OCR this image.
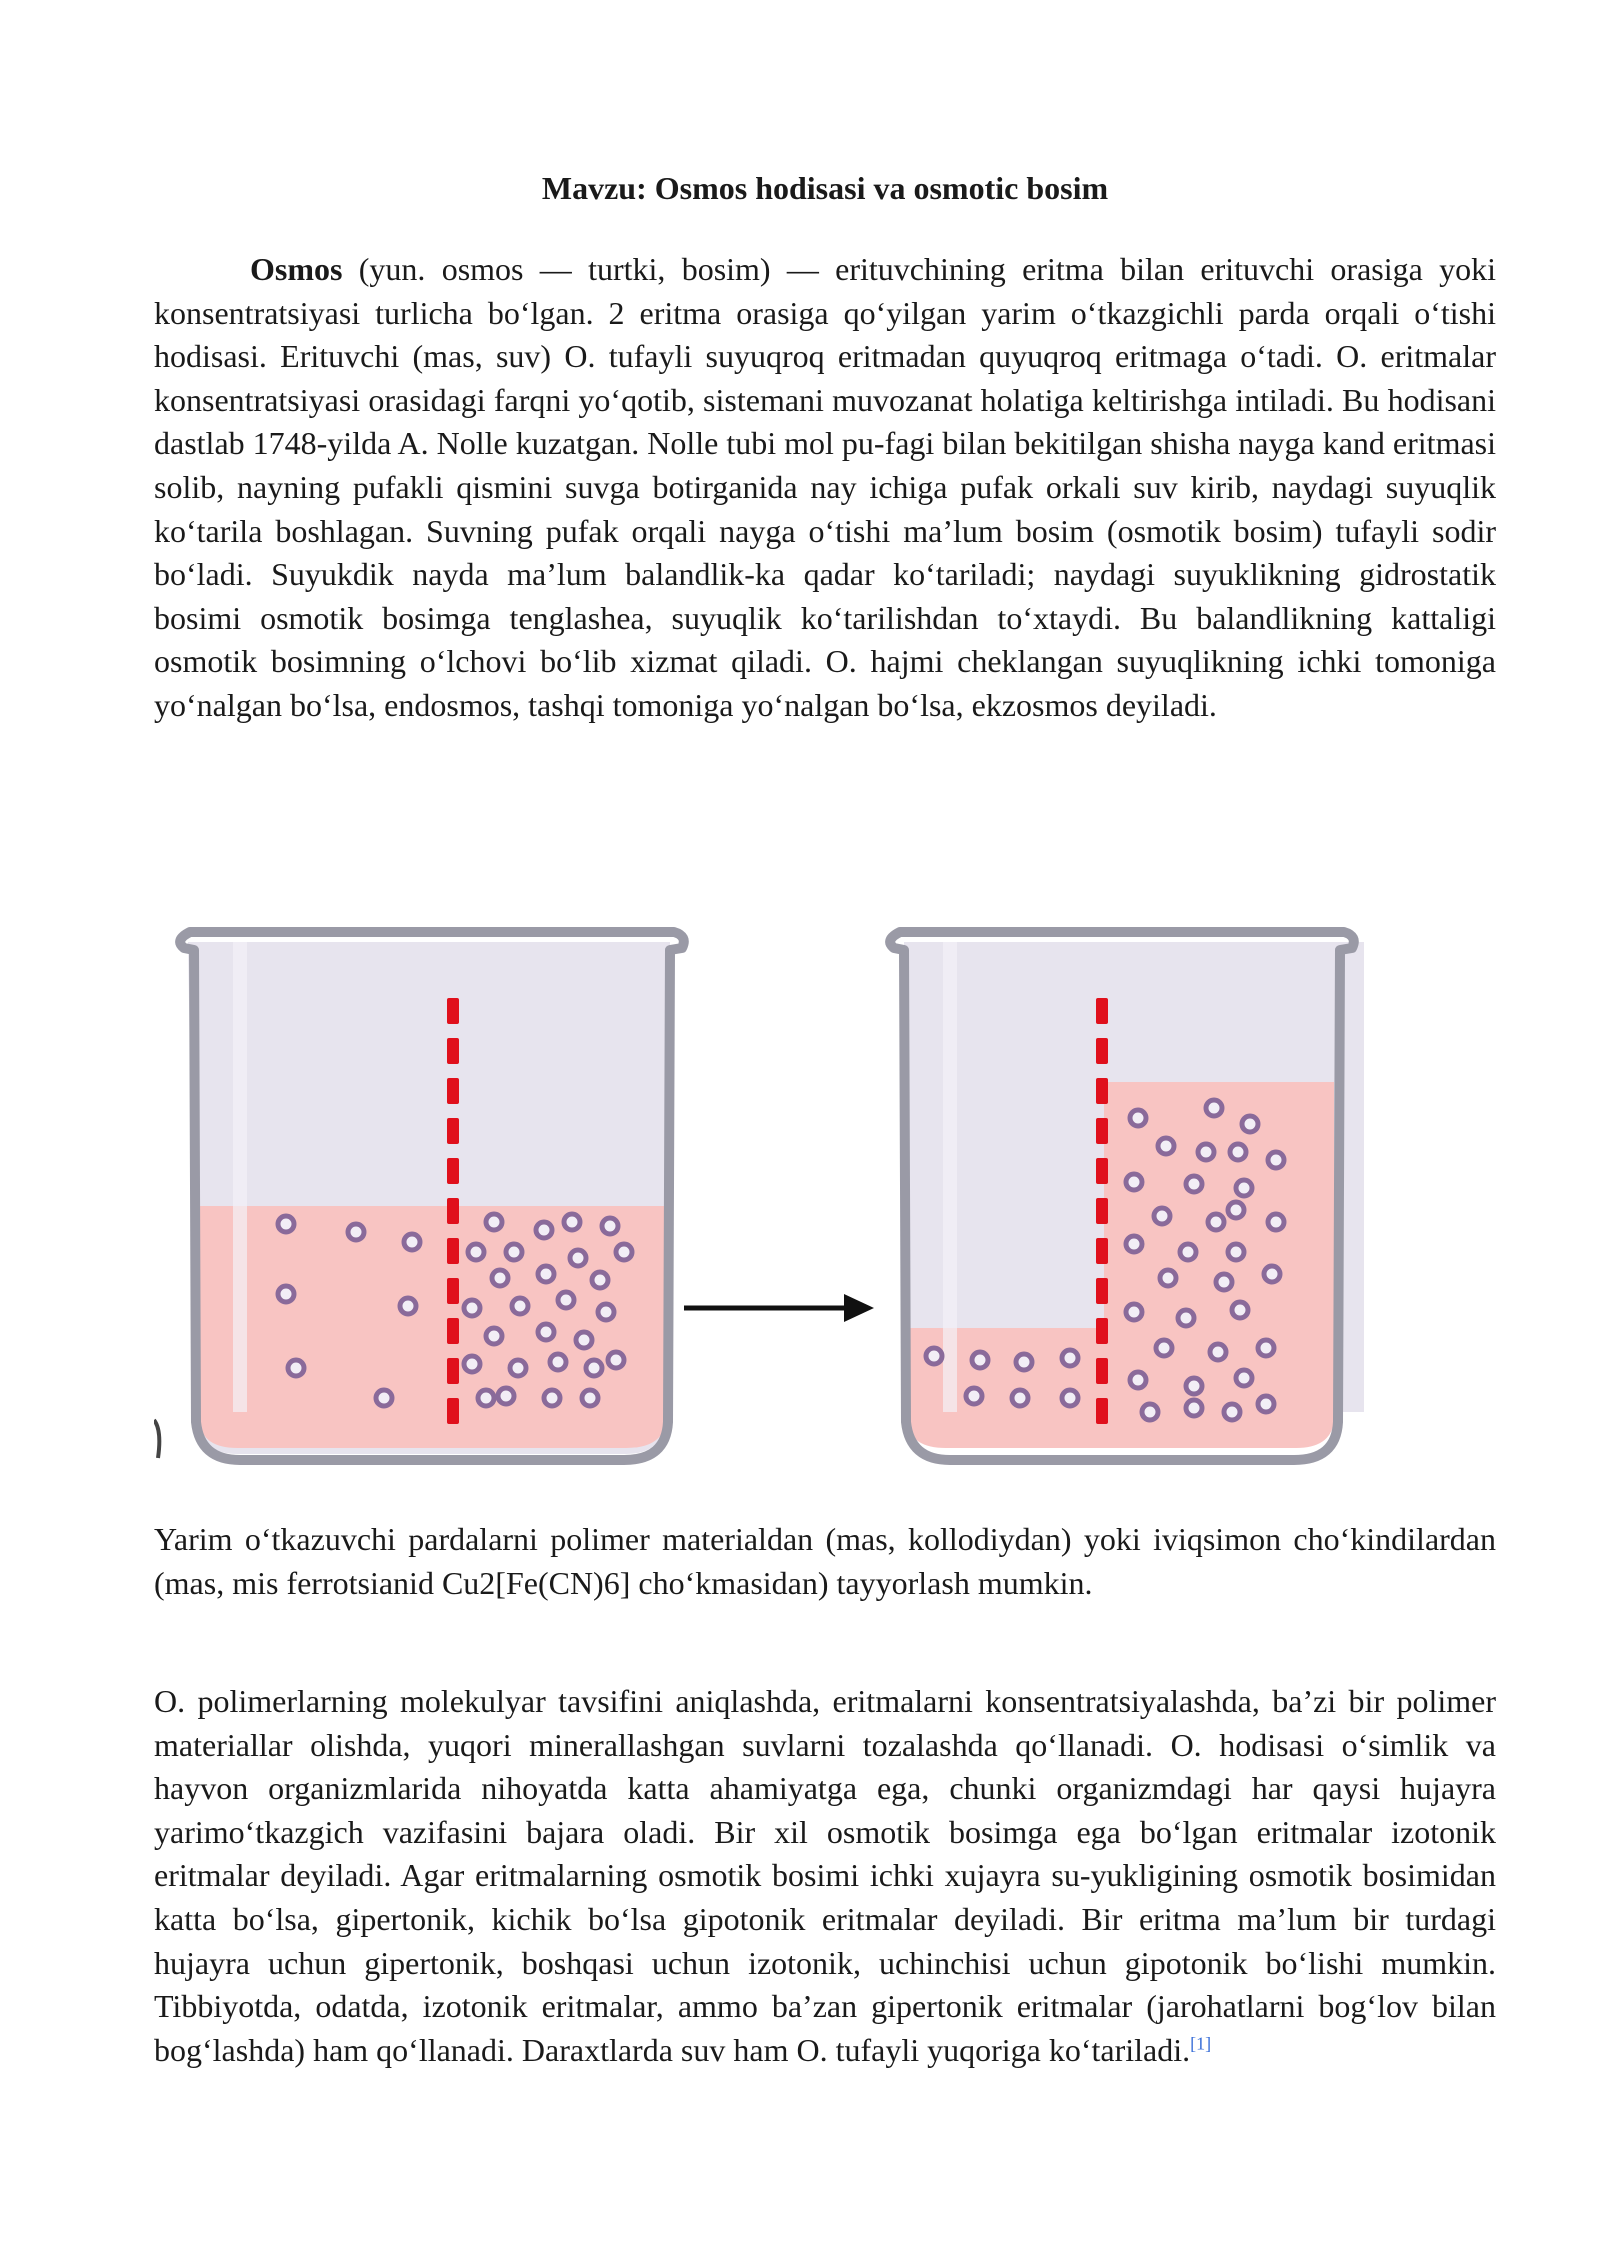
Mavzu: Osmos hodisasi va osmotic bosim

Osmos (yun. osmos — turtki, bosim) — erituvchining eritma bilan erituvchi orasiga yoki konsentratsiyasi turlicha bo‘lgan. 2 eritma orasiga qo‘yilgan yarim o‘tkazgichli parda orqali o‘tishi hodisasi. Erituvchi (mas, suv) O. tufayli suyuqroq eritmadan quyuqroq eritmaga o‘tadi. O. eritmalar konsentratsiyasi orasidagi farqni yo‘qotib, sistemani muvozanat holatiga keltirishga intiladi. Bu hodisani dastlab 1748-yilda A. Nolle kuzatgan. Nolle tubi mol pu-fagi bilan bekitilgan shisha nayga kand eritmasi solib, nayning pufakli qismini suvga botirganida nay ichiga pufak orkali suv kirib, naydagi suyuqlik ko‘tarila boshlagan. Suvning pufak orqali nayga o‘tishi ma’lum bosim (osmotik bosim) tufayli sodir bo‘ladi. Suyukdik nayda ma’lum balandlik-ka qadar ko‘tariladi; naydagi suyuklikning gidrostatik bosimi osmotik bosimga tenglashea, suyuqlik ko‘tarilishdan to‘xtaydi. Bu balandlikning kattaligi osmotik bosimning o‘lchovi bo‘lib xizmat qiladi. O. hajmi cheklangan suyuqlikning ichki tomoniga yo‘nalgan bo‘lsa, endosmos, tashqi tomoniga yo‘nalgan bo‘lsa, ekzosmos deyiladi.

Yarim o‘tkazuvchi pardalarni polimer materialdan (mas, kollodiydan) yoki iviqsimon cho‘kindilardan (mas, mis ferrotsianid Cu2[Fe(CN)6] cho‘kmasidan) tayyorlash mumkin.

O. polimerlarning molekulyar tavsifini aniqlashda, eritmalarni konsentratsiyalashda, ba’zi bir polimer materiallar olishda, yuqori minerallashgan suvlarni tozalashda qo‘llanadi. O. hodisasi o‘simlik va hayvon organizmlarida nihoyatda katta ahamiyatga ega, chunki organizmdagi har qaysi hujayra yarimo‘tkazgich vazifasini bajara oladi. Bir xil osmotik bosimga ega bo‘lgan eritmalar izotonik eritmalar deyiladi. Agar eritmalarning osmotik bosimi ichki xujayra su-yukligining osmotik bosimidan katta bo‘lsa, gipertonik, kichik bo‘lsa gipotonik eritmalar deyiladi. Bir eritma ma’lum bir turdagi hujayra uchun gipertonik, boshqasi uchun izotonik, uchinchisi uchun gipotonik bo‘lishi mumkin. Tibbiyotda, odatda, izotonik eritmalar, ammo ba’zan gipertonik eritmalar (jarohatlarni bog‘lov bilan bog‘lashda) ham qo‘llanadi. Daraxtlarda suv ham O. tufayli yuqoriga ko‘tariladi.[1]
